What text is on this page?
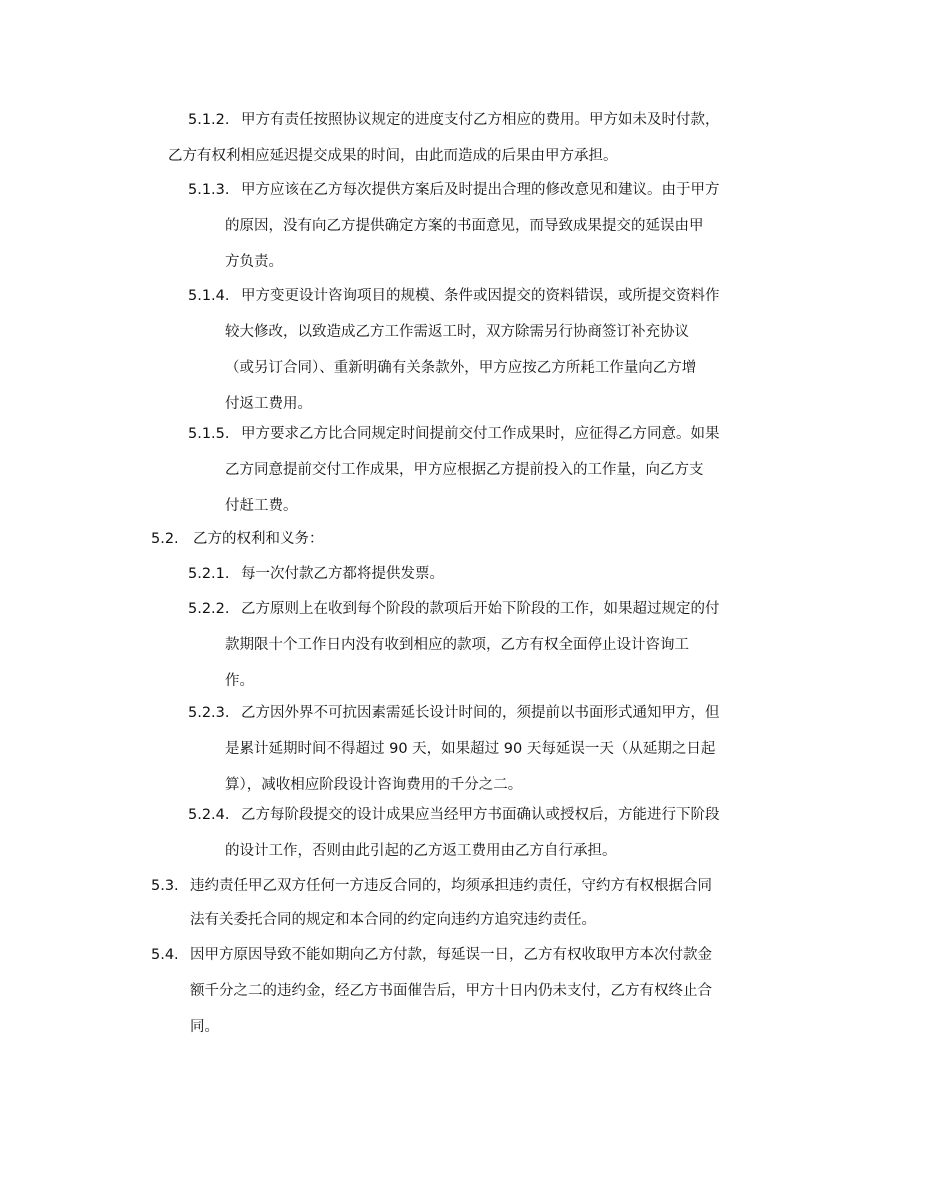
5.1.2. 甲方有责任按照协议规定的进度支付乙方相应的费用。甲方如未及时付款，
乙方有权利相应延迟提交成果的时间，由此而造成的后果由甲方承担。
5.1.3. 甲方应该在乙方每次提供方案后及时提出合理的修改意见和建议。由于甲方
的原因，没有向乙方提供确定方案的书面意见，而导致成果提交的延误由甲
方负责。
5.1.4. 甲方变更设计咨询项目的规模、条件或因提交的资料错误，或所提交资料作
较大修改，以致造成乙方工作需返工时，双方除需另行协商签订补充协议
（或另订合同）、重新明确有关条款外，甲方应按乙方所耗工作量向乙方增
付返工费用。
5.1.5. 甲方要求乙方比合同规定时间提前交付工作成果时，应征得乙方同意。如果
乙方同意提前交付工作成果，甲方应根据乙方提前投入的工作量，向乙方支
付赶工费。
5.2. 乙方的权利和义务：
5.2.1. 每一次付款乙方都将提供发票。
5.2.2. 乙方原则上在收到每个阶段的款项后开始下阶段的工作，如果超过规定的付
款期限十个工作日内没有收到相应的款项，乙方有权全面停止设计咨询工
作。
5.2.3. 乙方因外界不可抗因素需延长设计时间的，须提前以书面形式通知甲方，但
是累计延期时间不得超过 90 天，如果超过 90 天每延误一天（从延期之日起
算），减收相应阶段设计咨询费用的千分之二。
5.2.4. 乙方每阶段提交的设计成果应当经甲方书面确认或授权后，方能进行下阶段
的设计工作，否则由此引起的乙方返工费用由乙方自行承担。
5.3. 违约责任甲乙双方任何一方违反合同的，均须承担违约责任，守约方有权根据合同
法有关委托合同的规定和本合同的约定向违约方追究违约责任。
5.4. 因甲方原因导致不能如期向乙方付款，每延误一日，乙方有权收取甲方本次付款金
额千分之二的违约金，经乙方书面催告后，甲方十日内仍未支付，乙方有权终止合
同。
